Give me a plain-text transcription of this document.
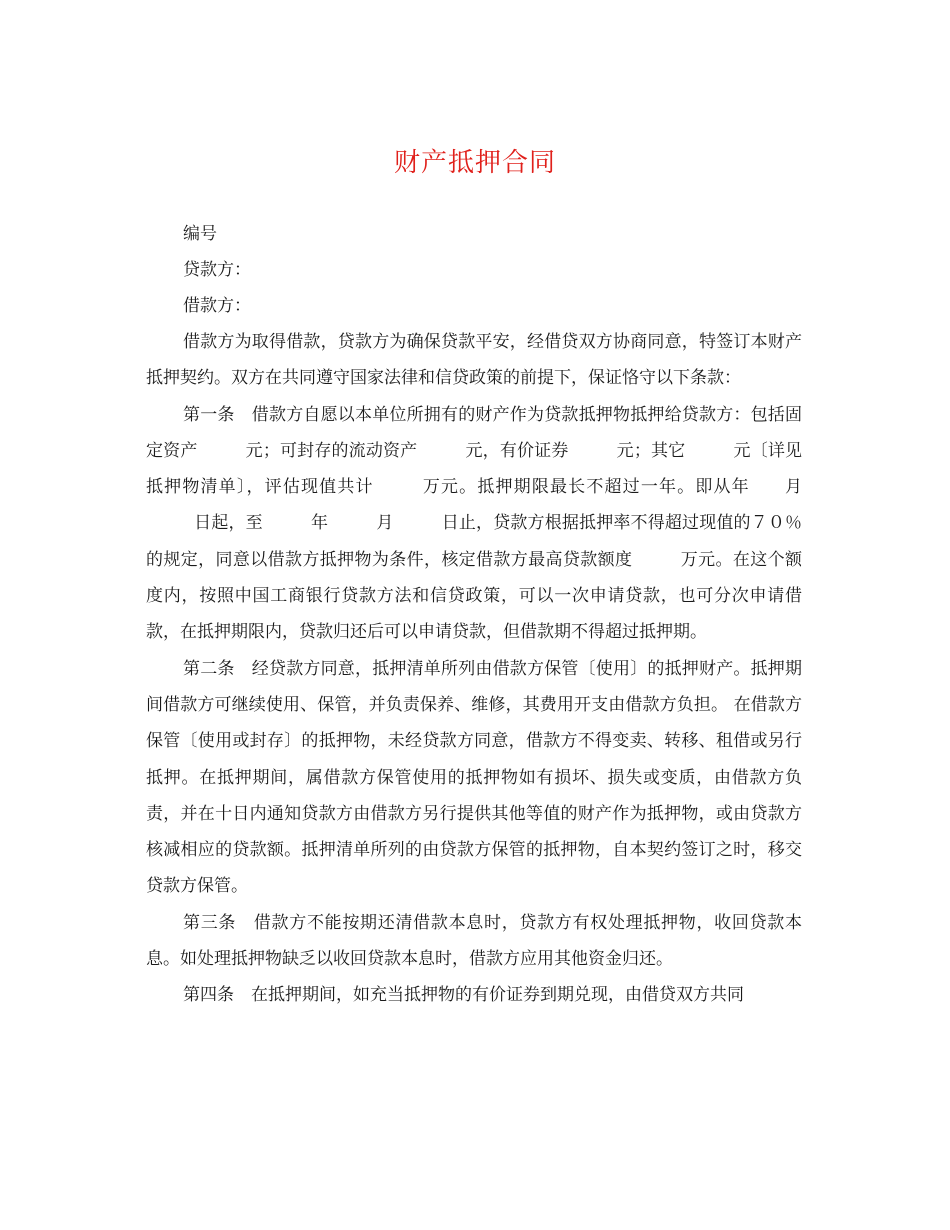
财产抵押合同

编号

贷款方：

借款方：

借款方为取得借款，贷款方为确保贷款平安，经借贷双方协商同意，特签订本财产抵押契约。双方在共同遵守国家法律和信贷政策的前提下，保证恪守以下条款：

第一条　借款方自愿以本单位所拥有的财产作为贷款抵押物抵押给贷款方：包括固定资产	元；可封存的流动资产	元，有价证券	元；其它	元〔详见抵押物清单〕，评估现值共计	万元。抵押期限最长不超过一年。即从年 月日起，至	年	月	日止，贷款方根据抵押率不得超过现值的７０％的规定，同意以借款方抵押物为条件，核定借款方最高贷款额度	万元。在这个额度内，按照中国工商银行贷款方法和信贷政策，可以一次申请贷款，也可分次申请借款，在抵押期限内，贷款归还后可以申请贷款，但借款期不得超过抵押期。

第二条　经贷款方同意，抵押清单所列由借款方保管〔使用〕的抵押财产。抵押期间借款方可继续使用、保管，并负责保养、维修，其费用开支由借款方负担。 在借款方保管〔使用或封存〕的抵押物，未经贷款方同意，借款方不得变卖、转移、租借或另行抵押。在抵押期间，属借款方保管使用的抵押物如有损坏、损失或变质，由借款方负责，并在十日内通知贷款方由借款方另行提供其他等值的财产作为抵押物，或由贷款方核减相应的贷款额。抵押清单所列的由贷款方保管的抵押物，自本契约签订之时，移交贷款方保管。

第三条　借款方不能按期还清借款本息时，贷款方有权处理抵押物，收回贷款本息。如处理抵押物缺乏以收回贷款本息时，借款方应用其他资金归还。

第四条　在抵押期间，如充当抵押物的有价证券到期兑现，由借贷双方共同
